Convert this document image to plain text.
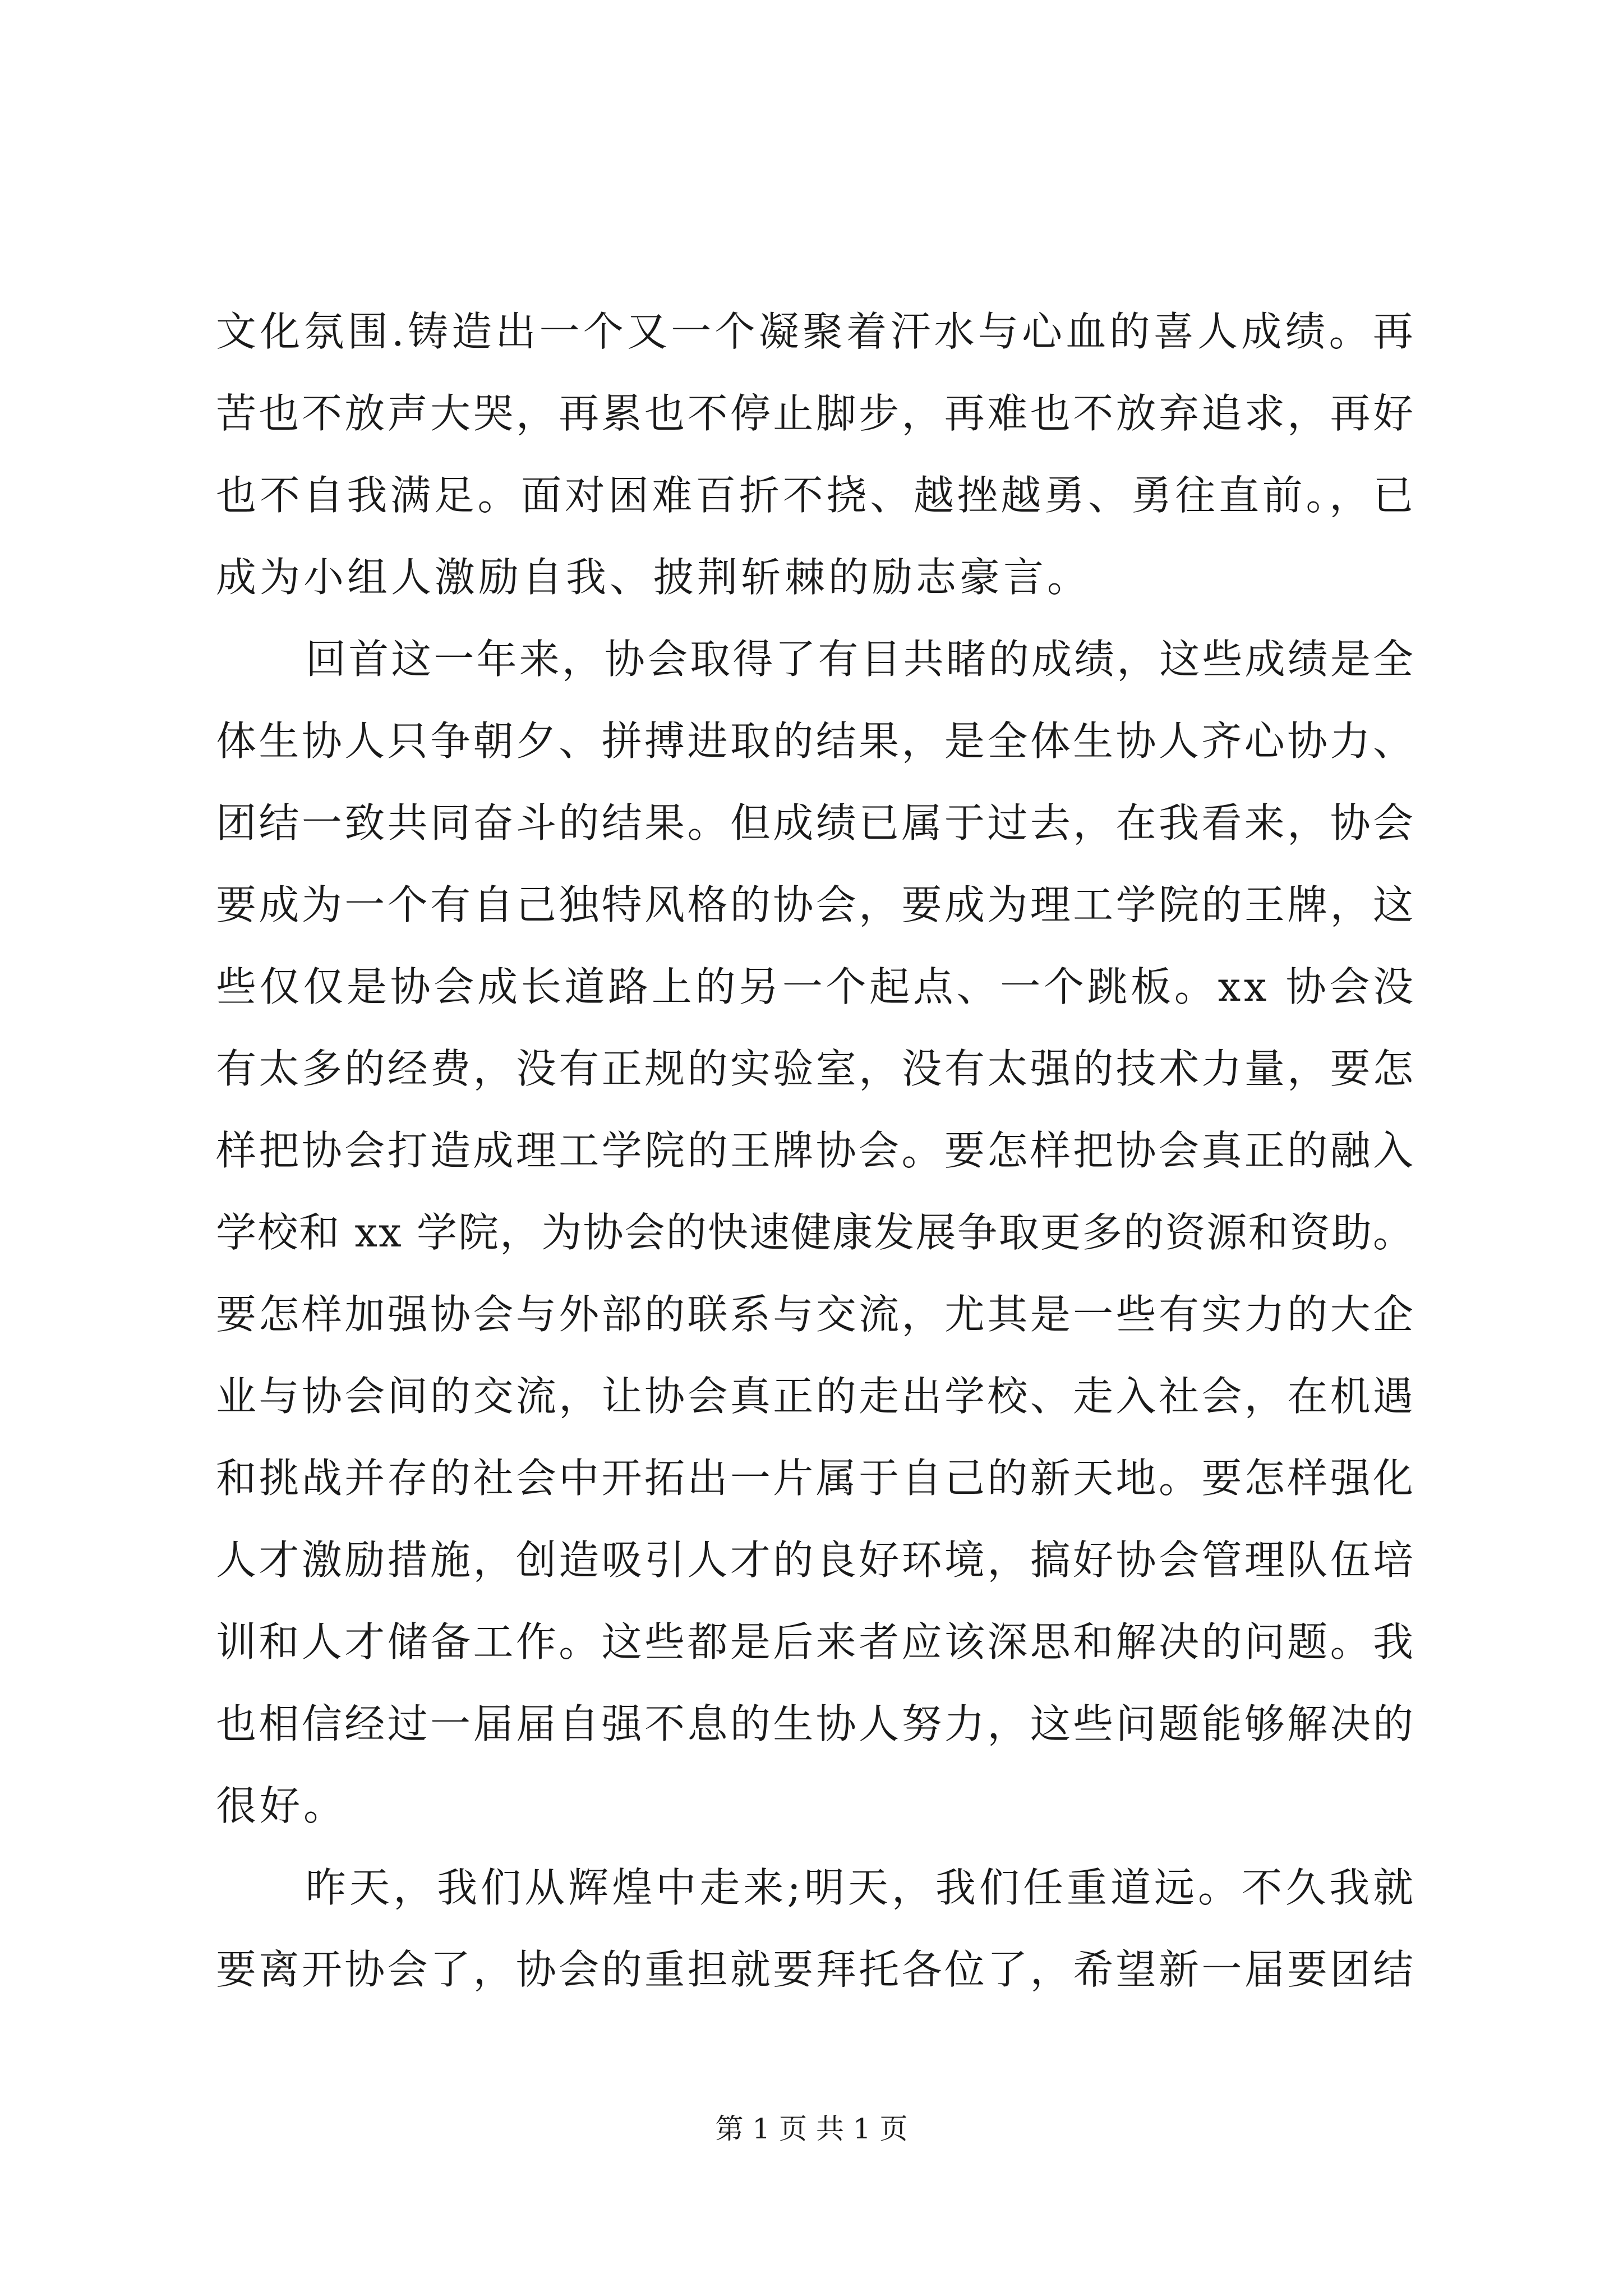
文化氛围.铸造出一个又一个凝聚着汗水与心血的喜人成绩。再
苦也不放声大哭，再累也不停止脚步，再难也不放弃追求，再好
也不自我满足。面对困难百折不挠、越挫越勇、勇往直前。，已
成为小组人激励自我、披荆斩棘的励志豪言。
回首这一年来，协会取得了有目共睹的成绩，这些成绩是全
体生协人只争朝夕、拼搏进取的结果，是全体生协人齐心协力、
团结一致共同奋斗的结果。但成绩已属于过去，在我看来，协会
要成为一个有自己独特风格的协会，要成为理工学院的王牌，这
些仅仅是协会成长道路上的另一个起点、一个跳板。xx 协会没
有太多的经费，没有正规的实验室，没有太强的技术力量，要怎
样把协会打造成理工学院的王牌协会。要怎样把协会真正的融入
学校和 xx 学院，为协会的快速健康发展争取更多的资源和资助。
要怎样加强协会与外部的联系与交流，尤其是一些有实力的大企
业与协会间的交流，让协会真正的走出学校、走入社会，在机遇
和挑战并存的社会中开拓出一片属于自己的新天地。要怎样强化
人才激励措施，创造吸引人才的良好环境，搞好协会管理队伍培
训和人才储备工作。这些都是后来者应该深思和解决的问题。我
也相信经过一届届自强不息的生协人努力，这些问题能够解决的
很好。
昨天，我们从辉煌中走来;明天，我们任重道远。不久我就
要离开协会了，协会的重担就要拜托各位了，希望新一届要团结
第 1 页 共 1 页
